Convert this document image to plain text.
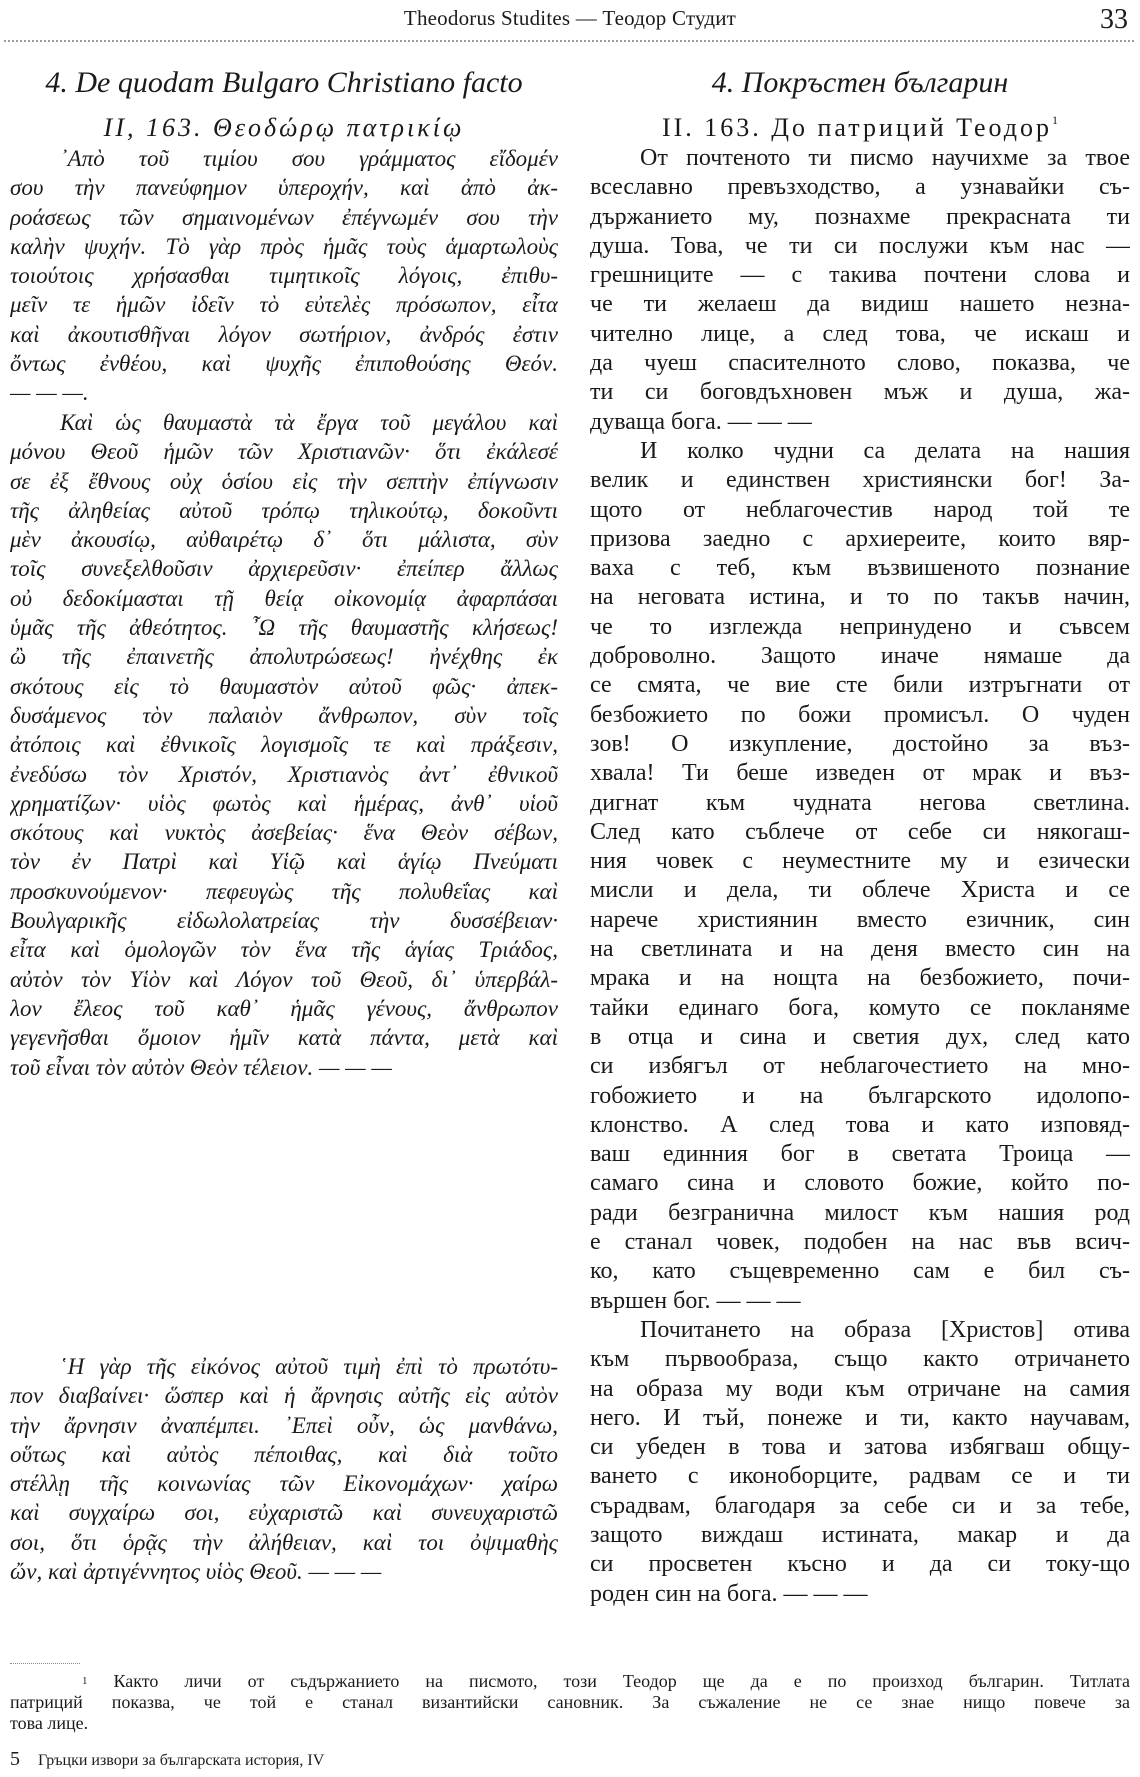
Theodorus Studites — Теодор Студит	33
4. De quodam Bulgaro Christiano facto
II, 163. Θεοδώρῳ πατρικίῳ
᾿Απὸ τοῦ τιμίου σου γράμματος εἴδομέν
σου τὴν πανεύφημον ὑπεροχήν, καὶ ἀπὸ ἀκ-
ροάσεως τῶν σημαινομένων ἐπέγνωμέν σου τὴν
καλὴν ψυχήν. Τὸ γὰρ πρὸς ἡμᾶς τοὺς ἁμαρτωλοὺς
τοιούτοις χρήσασθαι τιμητικοῖς λόγοις, ἐπιθυ-
μεῖν τε ἡμῶν ἰδεῖν τὸ εὐτελὲς πρόσωπον, εἶτα
καὶ ἀκουτισθῆναι λόγον σωτήριον, ἀνδρός ἐστιν
ὄντως ἐνθέου, καὶ ψυχῆς ἐπιποθούσης Θεόν.
— — —.
Καὶ ὡς θαυμαστὰ τὰ ἔργα τοῦ μεγάλου καὶ
μόνου Θεοῦ ἡμῶν τῶν Χριστιανῶν· ὅτι ἐκάλεσέ
σε ἐξ ἔθνους οὐχ ὁσίου εἰς τὴν σεπτὴν ἐπίγνωσιν
τῆς ἀληθείας αὐτοῦ τρόπῳ τηλικούτῳ, δοκοῦντι
μὲν ἀκουσίῳ, αὐθαιρέτῳ δ᾿ ὅτι μάλιστα, σὺν
τοῖς συνεξελθοῦσιν ἀρχιερεῦσιν· ἐπείπερ ἄλλως
οὐ δεδοκίμασται τῇ θείᾳ οἰκονομίᾳ ἀφαρπάσαι
ὑμᾶς τῆς ἀθεότητος. ῏Ω τῆς θαυμαστῆς κλήσεως!
ὢ τῆς ἐπαινετῆς ἀπολυτρώσεως! ἠνέχθης ἐκ
σκότους εἰς τὸ θαυμαστὸν αὐτοῦ φῶς· ἀπεκ-
δυσάμενος τὸν παλαιὸν ἄνθρωπον, σὺν τοῖς
ἀτόποις καὶ ἐθνικοῖς λογισμοῖς τε καὶ πράξεσιν,
ἐνεδύσω τὸν Χριστόν, Χριστιανὸς ἀντ᾿ ἐθνικοῦ
χρηματίζων· υἱὸς φωτὸς καὶ ἡμέρας, ἀνθ᾿ υἱοῦ
σκότους καὶ νυκτὸς ἀσεβείας· ἕνα Θεὸν σέβων,
τὸν ἐν Πατρὶ καὶ Υἱῷ καὶ ἁγίῳ Πνεύματι
προσκυνούμενον· πεφευγὼς τῆς πολυθεΐας καὶ
Βουλγαρικῆς εἰδωλολατρείας τὴν δυσσέβειαν·
εἶτα καὶ ὁμολογῶν τὸν ἕνα τῆς ἁγίας Τριάδος,
αὐτὸν τὸν Υἱὸν καὶ Λόγον τοῦ Θεοῦ, δι᾿ ὑπερβάλ-
λον ἔλεος τοῦ καθ᾿ ἡμᾶς γένους, ἄνθρωπον
γεγενῆσθαι ὅμοιον ἡμῖν κατὰ πάντα, μετὰ καὶ
τοῦ εἶναι τὸν αὐτὸν Θεὸν τέλειον. — — —
῾Η γὰρ τῆς εἰκόνος αὐτοῦ τιμὴ ἐπὶ τὸ πρωτότυ-
πον διαβαίνει· ὥσπερ καὶ ἡ ἄρνησις αὐτῆς εἰς αὐτὸν
τὴν ἄρνησιν ἀναπέμπει. ᾿Επεὶ οὖν, ὡς μανθάνω,
οὕτως καὶ αὐτὸς πέποιθας, καὶ διὰ τοῦτο
στέλλῃ τῆς κοινωνίας τῶν Εἰκονομάχων· χαίρω
καὶ συγχαίρω σοι, εὐχαριστῶ καὶ συνευχαριστῶ
σοι, ὅτι ὁρᾷς τὴν ἀλήθειαν, καὶ τοι ὀψιμαθὴς
ὤν, καὶ ἀρτιγέννητος υἱὸς Θεοῦ. — — —
4. Покръстен българин
II. 163. До патриций Теодор$^1$
От почтеното ти писмо научихме за твое
всеславно превъзходство, а узнавайки съ-
държанието му, познахме прекрасната ти
душа. Това, че ти си послужи към нас —
грешниците — с такива почтени слова и
че ти желаеш да видиш нашето незна-
чително лице, а след това, че искаш и
да чуеш спасителното слово, показва, че
ти си боговдъхновен мъж и душа, жа-
дуваща бога. — — —
И колко чудни са делата на нашия
велик и единствен християнски бог! За-
щото от неблагочестив народ той те
призова заедно с архиереите, които вяр-
ваха с теб, към възвишеното познание
на неговата истина, и то по такъв начин,
че то изглежда непринудено и съвсем
доброволно. Защото иначе нямаше да
се смята, че вие сте били изтръгнати от
безбожието по божи промисъл. О чуден
зов! О изкупление, достойно за въз-
хвала! Ти беше изведен от мрак и въз-
дигнат към чудната негова светлина.
След като съблече от себе си някогаш-
ния човек с неуместните му и езически
мисли и дела, ти облече Христа и се
нарече християнин вместо езичник, син
на светлината и на деня вместо син на
мрака и на нощта на безбожието, почи-
тайки единаго бога, комуто се покланяме
в отца и сина и светия дух, след като
си избягъл от неблагочестието на мно-
гобожието и на българското идолопо-
клонство. А след това и като изповяд-
ваш единния бог в светата Троица —
самаго сина и словото божие, който по-
ради безгранична милост към нашия род
е станал човек, подобен на нас във всич-
ко, като същевременно сам е бил съ-
вършен бог. — — —
Почитането на образа [Христов] отива
към първообраза, също както отричането
на образа му води към отричане на самия
него. И тъй, понеже и ти, както научавам,
си убеден в това и затова избягваш общу-
ването с иконоборците, радвам се и ти
сърадвам, благодаря за себе си и за тебе,
защото виждаш истината, макар и да
си просветен късно и да си току-що
роден син на бога. — — —
$^1$ Както личи от съдържанието на писмото, този Теодор ще да е по произход българин. Титлата
патриций показва, че той е станал византийски сановник. За съжаление не се знае нищо повече за
това лице.
5 Гръцки извори за българската история, IV
